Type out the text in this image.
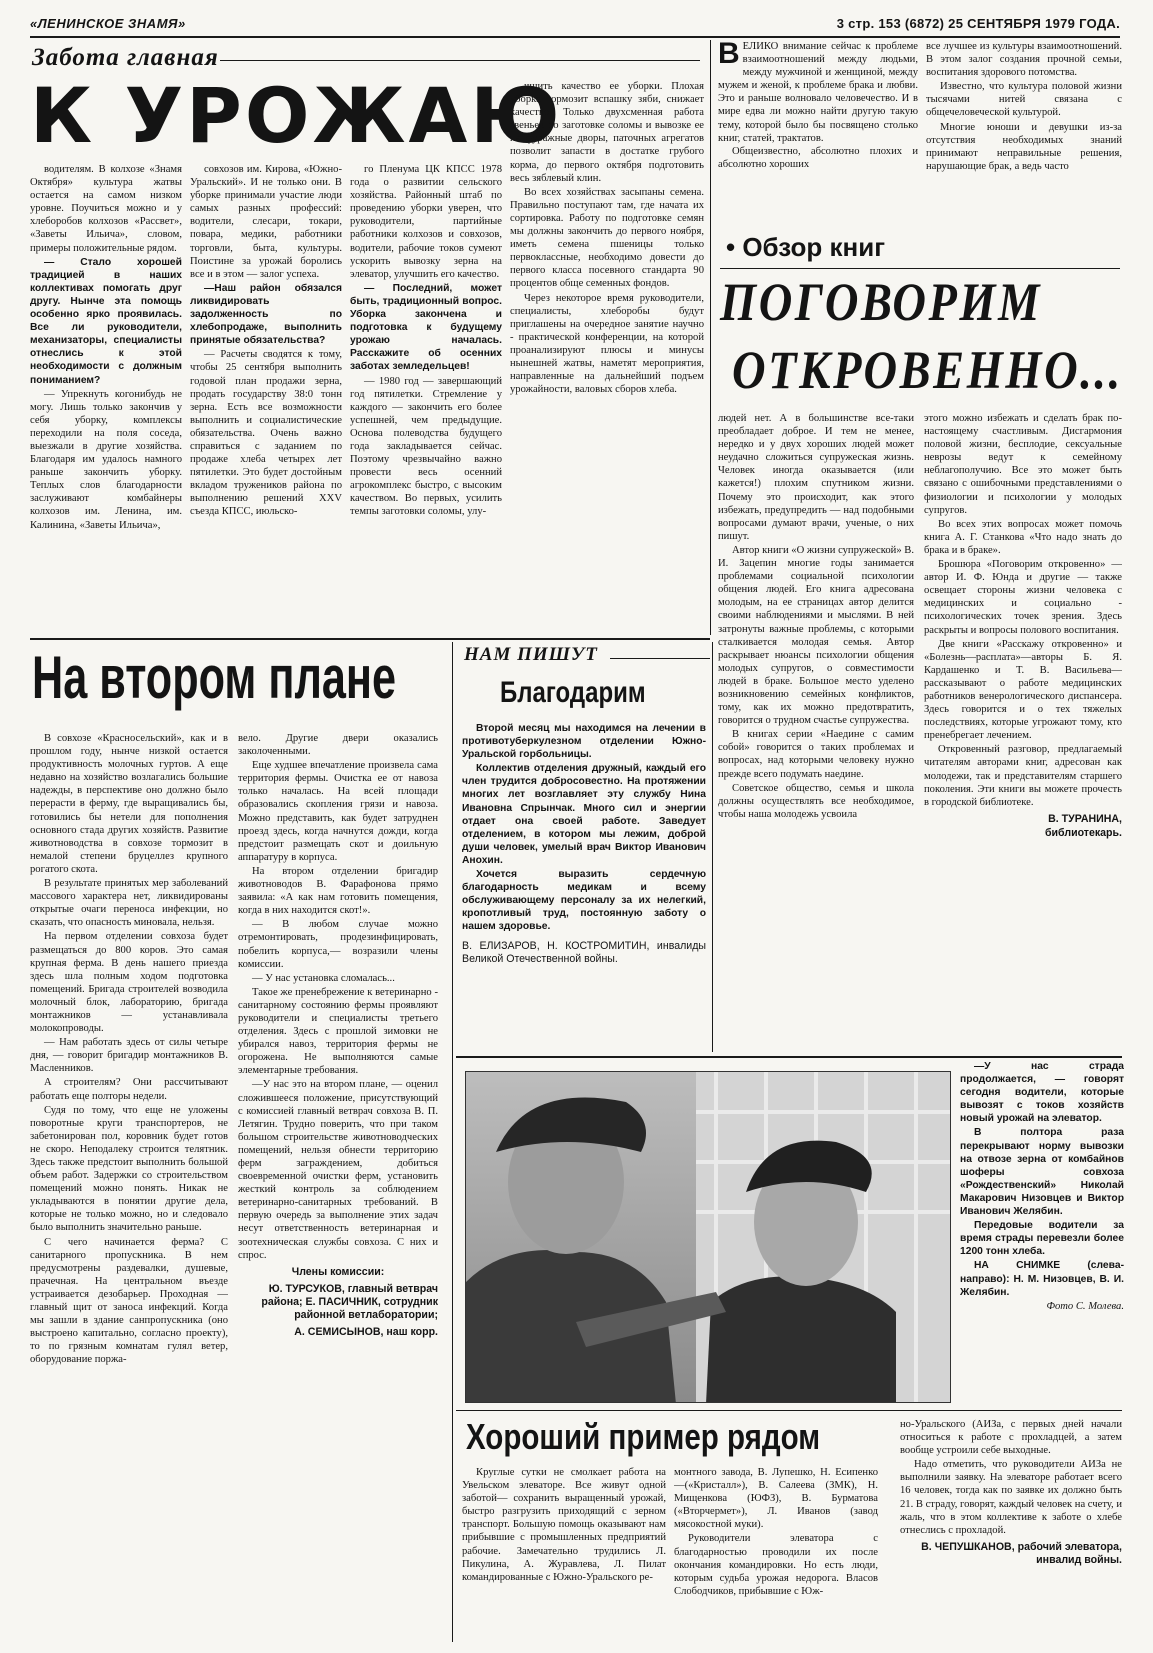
«ЛЕНИНСКОЕ ЗНАМЯ»	3 стр. 153 (6872) 25 СЕНТЯБРЯ 1979 ГОДА.
Забота главная
К УРОЖАЮ

водителям. В колхозе «Знамя Октября» культура жатвы остается на самом низком уровне. Поучиться можно и у хлеборобов колхозов «Рассвет», «Заветы Ильича», словом, примеры положительные рядом.

— Стало хорошей традицией в наших коллективах помогать друг другу. Нынче эта помощь особенно ярко проявилась. Все ли руководители, механизаторы, специалисты отнеслись к этой необходимости с должным пониманием?

— Упрекнуть когонибудь не могу. Лишь только закончив у себя уборку, комплексы переходили на поля соседа, выезжали в другие хозяйства. Благодаря им удалось намного раньше закончить уборку. Теплых слов благодарности заслуживают комбайнеры колхозов им. Ленина, им. Калинина, «Заветы Ильича»,

совхозов им. Кирова, «Южно-Уральский». И не только они. В уборке принимали участие люди самых разных профессий: водители, слесари, токари, повара, медики, работники торговли, быта, культуры. Поистине за урожай боролись все и в этом — залог успеха.

—Наш район обязался ликвидировать задолженность по хлебопродаже, выполнить принятые обязательства?

— Расчеты сводятся к тому, чтобы 25 сентября выполнить годовой план продажи зерна, продать государству 38:0 тонн зерна. Есть все возможности выполнить и социалистические обязательства. Очень важно справиться с заданием по продаже хлеба четырех лет пятилетки. Это будет достойным вкладом тружеников района по выполнению решений XXV съезда КПСС, июльско-

го Пленума ЦК КПСС 1978 года о развитии сельского хозяйства. Районный штаб по проведению уборки уверен, что руководители, партийные работники колхозов и совхозов, водители, рабочие токов сумеют ускорить вывозку зерна на элеватор, улучшить его качество.

— Последний, может быть, традиционный вопрос. Уборка закончена и подготовка к будущему урожаю началась. Расскажите об осенних заботах земледельцев!

— 1980 год — завершающий год пятилетки. Стремление у каждого — закончить его более успешней, чем предыдущие. Основа полеводства будущего года закладывается сейчас. Поэтому чрезвычайно важно провести весь осенний агрокомплекс быстро, с высоким качеством. Во первых, усилить темпы заготовки соломы, улу-

чшить качество ее уборки. Плохая уборка тормозит вспашку зяби, снижает качество. Только двухсменная работа звеньев по заготовке соломы и вывозке ее на фуражные дворы, паточных агрегатов позволит запасти в достатке грубого корма, до первого октября подготовить весь зяблевый клин.

Во всех хозяйствах засыпаны семена. Правильно поступают там, где начата их сортировка. Работу по подготовке семян мы должны закончить до первого ноября, иметь семена пшеницы только первоклассные, необходимо довести до первого класса посевного стандарта 90 процентов обще семенных фондов.

Через некоторое время руководители, специалисты, хлеборобы будут приглашены на очередное занятие научно - практической конференции, на которой проанализируют плюсы и минусы нынешней жатвы, наметят мероприятия, направленные на дальнейший подъем урожайности, валовых сборов хлеба.

В ЕЛИКО внимание сейчас к проблеме взаимоотношений между людьми, между мужчиной и женщиной, между мужем и женой, к проблеме брака и любви. Это и раньше волновало человечество. И в мире едва ли можно найти другую такую тему, которой было бы посвящено столько книг, статей, трактатов.

Общеизвестно, абсолютно плохих и абсолютно хороших

все лучшее из культуры взаимоотношений. В этом залог создания прочной семьи, воспитания здорового потомства.

Известно, что культура половой жизни тысячами нитей связана с общечеловеческой культурой.

Многие юноши и девушки из-за отсутствия необходимых знаний принимают неправильные решения, нарушающие брак, а ведь часто

• Обзор книг
ПОГОВОРИМ
ОТКРОВЕННО...

людей нет. А в большинстве все-таки преобладает доброе. И тем не менее, нередко и у двух хороших людей может неудачно сложиться супружеская жизнь. Человек иногда оказывается (или кажется!) плохим спутником жизни. Почему это происходит, как этого избежать, предупредить — над подобными вопросами думают врачи, ученые, о них пишут.

Автор книги «О жизни супружеской» В. И. Зацепин многие годы занимается проблемами социальной психологии общения людей. Его книга адресована молодым, на ее страницах автор делится своими наблюдениями и мыслями. В ней затронуты важные проблемы, с которыми сталкивается молодая семья. Автор раскрывает нюансы психологии общения молодых супругов, о совместимости людей в браке. Большое место уделено возникновению семейных конфликтов, тому, как их можно предотвратить, говорится о трудном счастье супружества.

В книгах серии «Наедине с самим собой» говорится о таких проблемах и вопросах, над которыми человеку нужно прежде всего подумать наедине.

Советское общество, семья и школа должны осуществлять все необходимое, чтобы наша молодежь усвоила

этого можно избежать и сделать брак по-настоящему счастливым. Дисгармония половой жизни, бесплодие, сексуальные неврозы ведут к семейному неблагополучию. Все это может быть связано с ошибочными представлениями о физиологии и психологии у молодых супругов.

Во всех этих вопросах может помочь книга А. Г. Станкова «Что надо знать до брака и в браке».

Брошюра «Поговорим откровенно» — автор И. Ф. Юнда и другие — также освещает стороны жизни человека с медицинских и социально - психологических точек зрения. Здесь раскрыты и вопросы полового воспитания.

Две книги «Расскажу откровенно» и «Болезнь—расплата»—авторы Б. Я. Кардашенко и Т. В. Васильева—рассказывают о работе медицинских работников венерологического диспансера. Здесь говорится и о тех тяжелых последствиях, которые угрожают тому, кто пренебрегает лечением.

Откровенный разговор, предлагаемый читателям авторами книг, адресован как молодежи, так и представителям старшего поколения. Эти книги вы можете прочесть в городской библиотеке.

В. ТУРАНИНА,

библиотекарь.

На втором плане

В совхозе «Красносельский», как и в прошлом году, нынче низкой остается продуктивность молочных гуртов. А еще недавно на хозяйство возлагались большие надежды, в перспективе оно должно было перерасти в ферму, где выращивались бы, готовились бы нетели для пополнения основного стада других хозяйств. Развитие животноводства в совхозе тормозит в немалой степени бруцеллез крупного рогатого скота.

В результате принятых мер заболеваний массового характера нет, ликвидированы открытые очаги переноса инфекции, но сказать, что опасность миновала, нельзя.

На первом отделении совхоза будет размещаться до 800 коров. Это самая крупная ферма. В день нашего приезда здесь шла полным ходом подготовка помещений. Бригада строителей возводила молочный блок, лабораторию, бригада монтажников — устанавливала молокопроводы.

— Нам работать здесь от силы четыре дня, — говорит бригадир монтажников В. Масленников.

А строителям? Они рассчитывают работать еще полторы недели.

Судя по тому, что еще не уложены поворотные круги транспортеров, не забетонирован пол, коровник будет готов не скоро. Неподалеку строится телятник. Здесь также предстоит выполнить большой объем работ. Задержки со строительством помещений можно понять. Никак не укладываются в понятии другие дела, которые не только можно, но и следовало было выполнить значительно раньше.

С чего начинается ферма? С санитарного пропускника. В нем предусмотрены раздевалки, душевые, прачечная. На центральном въезде устраивается дезобарьер. Проходная — главный щит от заноса инфекций. Когда мы зашли в здание санпропускника (оно выстроено капитально, согласно проекту), то по грязным комнатам гулял ветер, оборудование поржа-

вело. Другие двери оказались заколоченными.

Еще худшее впечатление произвела сама территория фермы. Очистка ее от навоза только началась. На всей площади образовались скопления грязи и навоза. Можно представить, как будет затруднен проезд здесь, когда начнутся дожди, когда предстоит размещать скот и доильную аппаратуру в корпуса.

На втором отделении бригадир животноводов В. Фарафонова прямо заявила: «А как нам готовить помещения, когда в них находится скот!».

— В любом случае можно отремонтировать, продезинфицировать, побелить корпуса,— возразили члены комиссии.

— У нас установка сломалась...

Такое же пренебрежение к ветеринарно - санитарному состоянию фермы проявляют руководители и специалисты третьего отделения. Здесь с прошлой зимовки не убирался навоз, территория фермы не огорожена. Не выполняются самые элементарные требования.

—У нас это на втором плане, — оценил сложившееся положение, присутствующий с комиссией главный ветврач совхоза В. П. Летягин. Трудно поверить, что при таком большом строительстве животноводческих помещений, нельзя обнести территорию ферм заграждением, добиться своевременной очистки ферм, установить жесткий контроль за соблюдением ветеринарно-санитарных требований. В первую очередь за выполнение этих задач несут ответственность ветеринарная и зоотехническая службы совхоза. С них и спрос.

Члены комиссии:

Ю. ТУРСУКОВ, главный ветврач района; Е. ПАСИЧНИК, сотрудник районной ветлаборатории;

А. СЕМИСЫНОВ, наш корр.

НАМ ПИШУТ
Благодарим

Второй месяц мы находимся на лечении в противотуберкулезном отделении Южно-Уральской горбольницы.

Коллектив отделения дружный, каждый его член трудится добросовестно. На протяжении многих лет возглавляет эту службу Нина Ивановна Спрынчак. Много сил и энергии отдает она своей работе. Заведует отделением, в котором мы лежим, доброй души человек, умелый врач Виктор Иванович Анохин.

Хочется выразить сердечную благодарность медикам и всему обслуживающему персоналу за их нелегкий, кропотливый труд, постоянную заботу о нашем здоровье.

В. ЕЛИЗАРОВ, Н. КОСТРОМИТИН, инвалиды Великой Отечественной войны.

—У нас страда продолжается, — говорят сегодня водители, которые вывозят с токов хозяйств новый урожай на элеватор.

В полтора раза перекрывают норму вывозки на отвозе зерна от комбайнов шоферы совхоза «Рождественский» Николай Макарович Низовцев и Виктор Иванович Желябин.

Передовые водители за время страды перевезли более 1200 тонн хлеба.

НА СНИМКЕ (слева-направо): Н. М. Низовцев, В. И. Желябин.

Фото С. Молева.

Хороший пример рядом

Круглые сутки не смолкает работа на Увельском элеваторе. Все живут одной заботой— сохранить выращенный урожай, быстро разгрузить приходящий с зерном транспорт. Большую помощь оказывают нам прибывшие с промышленных предприятий рабочие. Замечательно трудились Л. Пикулина, А. Журавлева, Л. Пилат командированные с Южно-Уральского ре-

монтного завода, В. Лупешко, Н. Есипенко—(«Кристалл»), В. Салеева (ЗМК), Н. Мищенкова (ЮФЗ), В. Бурматова («Вторчермет»), Л. Иванов (завод мясокостной муки).

Руководители элеватора с благодарностью проводили их после окончания командировки. Но есть люди, которым судьба урожая недорога. Власов Слободчиков, прибывшие с Юж-

но-Уральского (АИЗа, с первых дней начали относиться к работе с прохладцей, а затем вообще устроили себе выходные.

Надо отметить, что руководители АИЗа не выполнили заявку. На элеваторе работает всего 16 человек, тогда как по заявке их должно быть 21. В страду, говорят, каждый человек на счету, и жаль, что в этом коллективе к заботе о хлебе отнеслись с прохладой.

В. ЧЕПУШКАНОВ, рабочий элеватора, инвалид войны.
